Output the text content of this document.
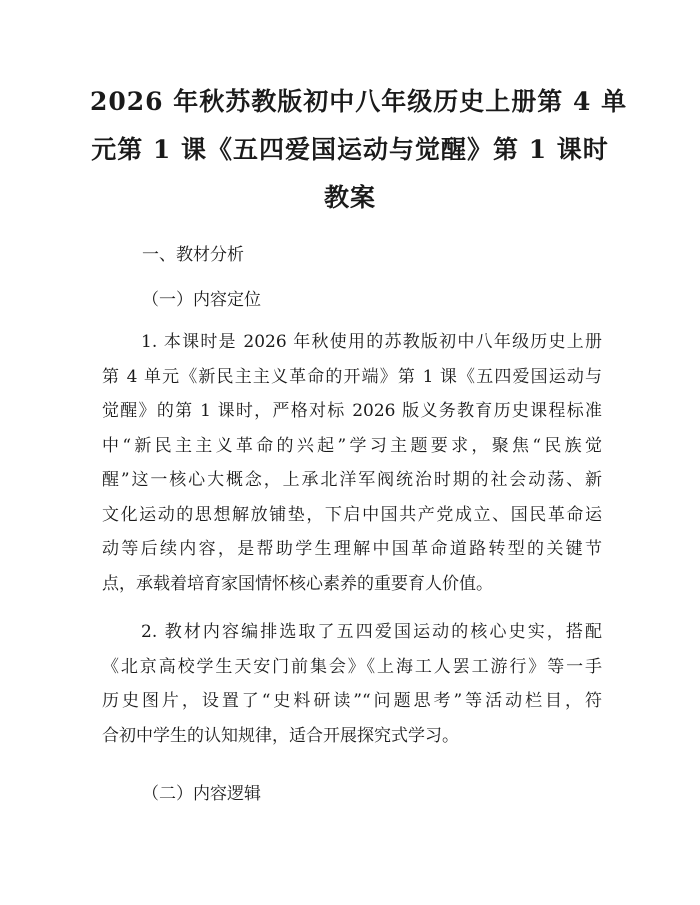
2026 年秋苏教版初中八年级历史上册第 4 单
元第 1 课《五四爱国运动与觉醒》第 1 课时
教案
一、教材分析
（一）内容定位
1. 本课时是 2026 年秋使用的苏教版初中八年级历史上册
第 4 单元《新民主主义革命的开端》第 1 课《五四爱国运动与
觉醒》的第 1 课时，严格对标 2026 版义务教育历史课程标准
中“新民主主义革命的兴起”学习主题要求，聚焦“民族觉
醒”这一核心大概念，上承北洋军阀统治时期的社会动荡、新
文化运动的思想解放铺垫，下启中国共产党成立、国民革命运
动等后续内容，是帮助学生理解中国革命道路转型的关键节
点，承载着培育家国情怀核心素养的重要育人价值。
2. 教材内容编排选取了五四爱国运动的核心史实，搭配
《北京高校学生天安门前集会》《上海工人罢工游行》等一手
历史图片，设置了“史料研读”“问题思考”等活动栏目，符
合初中学生的认知规律，适合开展探究式学习。
（二）内容逻辑
